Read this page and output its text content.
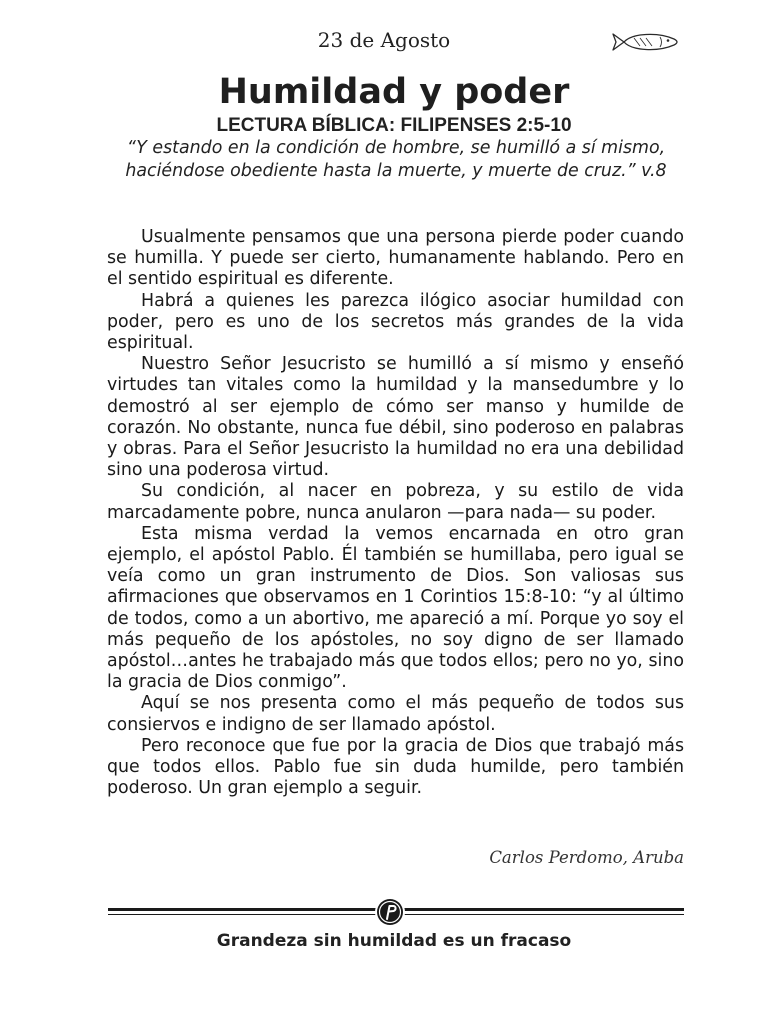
23 de Agosto
Humildad y poder
LECTURA BÍBLICA: FILIPENSES 2:5-10
“Y estando en la condición de hombre, se humilló a sí mismo, haciéndose obediente hasta la muerte, y muerte de cruz.” v.8

Usualmente pensamos que una persona pierde poder cuando se humilla. Y puede ser cierto, humanamente hablando. Pero en el sentido espiritual es diferente.

Habrá a quienes les parezca ilógico asociar humildad con poder, pero es uno de los secretos más grandes de la vida espiritual.

Nuestro Señor Jesucristo se humilló a sí mismo y enseñó virtudes tan vitales como la humildad y la mansedumbre y lo demostró al ser ejemplo de cómo ser manso y humilde de corazón. No obstante, nunca fue débil, sino poderoso en palabras y obras. Para el Señor Jesucristo la humildad no era una debilidad sino una poderosa virtud.

Su condición, al nacer en pobreza, y su estilo de vida marcadamente pobre, nunca anularon —para nada— su poder.

Esta misma verdad la vemos encarnada en otro gran ejemplo, el apóstol Pablo. Él también se humillaba, pero igual se veía como un gran instrumento de Dios. Son valiosas sus afirmaciones que observamos en 1 Corintios 15:8-10: “y al último de todos, como a un abortivo, me apareció a mí. Porque yo soy el más pequeño de los apóstoles, no soy digno de ser llamado apóstol…antes he trabajado más que todos ellos; pero no yo, sino la gracia de Dios conmigo”.

Aquí se nos presenta como el más pequeño de todos sus consiervos e indigno de ser llamado apóstol.

Pero reconoce que fue por la gracia de Dios que trabajó más que todos ellos. Pablo fue sin duda humilde, pero también poderoso. Un gran ejemplo a seguir.

Carlos Perdomo, Aruba
Grandeza sin humildad es un fracaso
